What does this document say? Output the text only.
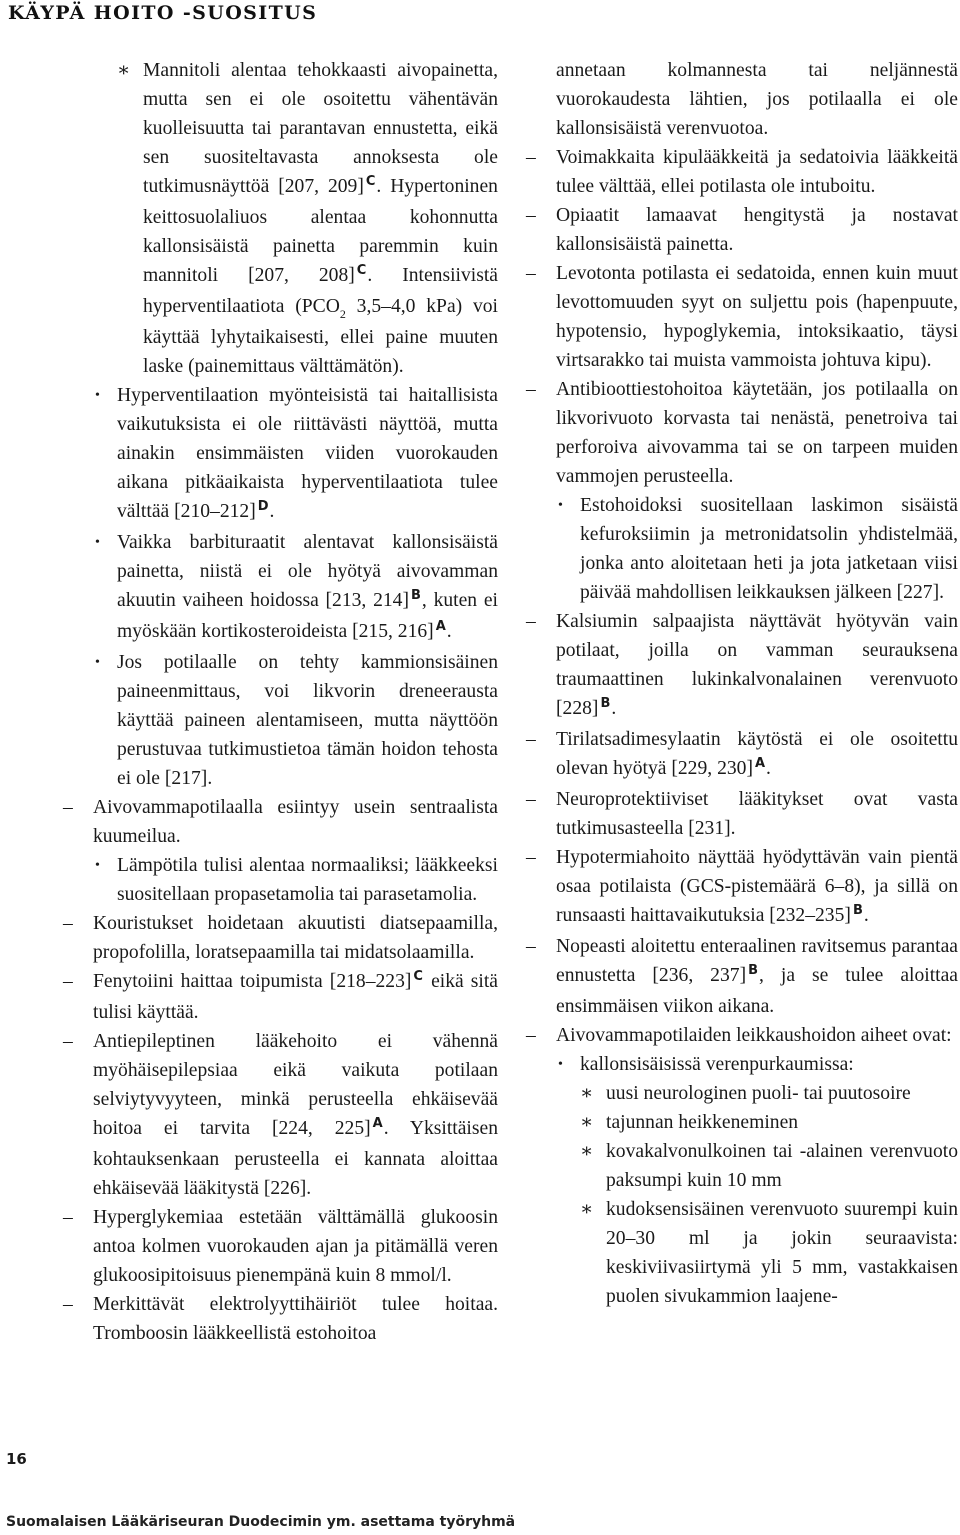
KÄYPÄ HOITO -SUOSITUS
∗ Mannitoli alentaa tehokkaasti aivopainetta, mutta sen ei ole osoitettu vähentävän kuolleisuutta tai parantavan ennustetta, eikä sen suositeltavasta annoksesta ole tutkimusnäyttöä [207, 209] $^C$. Hypertoninen keittosuolaliuos alentaa kohonnutta kallonsisäistä painetta paremmin kuin mannitoli [207, 208] $^C$. Intensiivistä hyperventilaatiota ($PCO_2$ 3,5–4,0 kPa) voi käyttää lyhytaikaisesti, ellei paine muuten laske (painemittaus välttämätön).
• Hyperventilaation myönteisistä tai haitallisista vaikutuksista ei ole riittävästi näyttöä, mutta ainakin ensimmäisten viiden vuorokauden aikana pitkäaikaista hyperventilaatiota tulee välttää [210–212] $^D$.
• Vaikka barbituraatit alentavat kallonsisäistä painetta, niistä ei ole hyötyä aivovamman akuutin vaiheen hoidossa [213, 214] $^B$, kuten ei myöskään kortikosteroideista [215, 216] $^A$.
• Jos potilaalle on tehty kammionsisäinen paineenmittaus, voi likvorin dreneerausta käyttää paineen alentamiseen, mutta näyttöön perustuvaa tutkimustietoa tämän hoidon tehosta ei ole [217].
– Aivovammapotilaalla esiintyy usein sentraalista kuumeilua.
• Lämpötila tulisi alentaa normaaliksi; lääkkeeksi suositellaan propasetamolia tai parasetamolia.
– Kouristukset hoidetaan akuutisti diatsepaamilla, propofolilla, loratsepaamilla tai midatsolaamilla.
– Fenytoiini haittaa toipumista [218–223] $^C$ eikä sitä tulisi käyttää.
– Antiepileptinen lääkehoito ei vähennä myöhäisepilepsiaa eikä vaikuta potilaan selviytyvyyteen, minkä perusteella ehkäisevää hoitoa ei tarvita [224, 225] $^A$. Yksittäisen kohtauksenkaan perusteella ei kannata aloittaa ehkäisevää lääkitystä [226].
– Hyperglykemiaa estetään välttämällä glukoosin antoa kolmen vuorokauden ajan ja pitämällä veren glukoosipitoisuus pienempänä kuin 8 mmol/l.
– Merkittävät elektrolyyttihäiriöt tulee hoitaa. Tromboosin lääkkeellistä estohoitoa
annetaan kolmannesta tai neljännestä vuorokaudesta lähtien, jos potilaalla ei ole kallonsisäistä verenvuotoa.
– Voimakkaita kipulääkkeitä ja sedatoivia lääkkeitä tulee välttää, ellei potilasta ole intuboitu.
– Opiaatit lamaavat hengitystä ja nostavat kallonsisäistä painetta.
– Levotonta potilasta ei sedatoida, ennen kuin muut levottomuuden syyt on suljettu pois (hapenpuute, hypotensio, hypoglykemia, intoksikaatio, täysi virtsarakko tai muista vammoista johtuva kipu).
– Antibioottiestohoitoa käytetään, jos potilaalla on likvorivuoto korvasta tai nenästä, penetroiva tai perforoiva aivovamma tai se on tarpeen muiden vammojen perusteella.
• Estohoidoksi suositellaan laskimon sisäistä kefuroksiimin ja metronidatsolin yhdistelmää, jonka anto aloitetaan heti ja jota jatketaan viisi päivää mahdollisen leikkauksen jälkeen [227].
– Kalsiumin salpaajista näyttävät hyötyvän vain potilaat, joilla on vamman seurauksena traumaattinen lukinkalvonalainen verenvuoto [228] $^B$.
– Tirilatsadimesylaatin käytöstä ei ole osoitettu olevan hyötyä [229, 230] $^A$.
– Neuroprotektiiviset lääkitykset ovat vasta tutkimusasteella [231].
– Hypotermiahoito näyttää hyödyttävän vain pientä osaa potilaista (GCS-pistemäärä 6–8), ja sillä on runsaasti haittavaikutuksia [232–235] $^B$.
– Nopeasti aloitettu enteraalinen ravitsemus parantaa ennustetta [236, 237] $^B$, ja se tulee aloittaa ensimmäisen viikon aikana.
– Aivovammapotilaiden leikkaushoidon aiheet ovat:
• kallonsisäisissä verenpurkaumissa:
∗ uusi neurologinen puoli- tai puutosoire
∗ tajunnan heikkeneminen
∗ kovakalvonulkoinen tai -alainen verenvuoto paksumpi kuin 10 mm
∗ kudoksensisäinen verenvuoto suurempi kuin 20–30 ml ja jokin seuraavista: keskiviivasiirtymä yli 5 mm, vastakkaisen puolen sivukammion laajene-
16
Suomalaisen Lääkäriseuran Duodecimin ym. asettama työryhmä
